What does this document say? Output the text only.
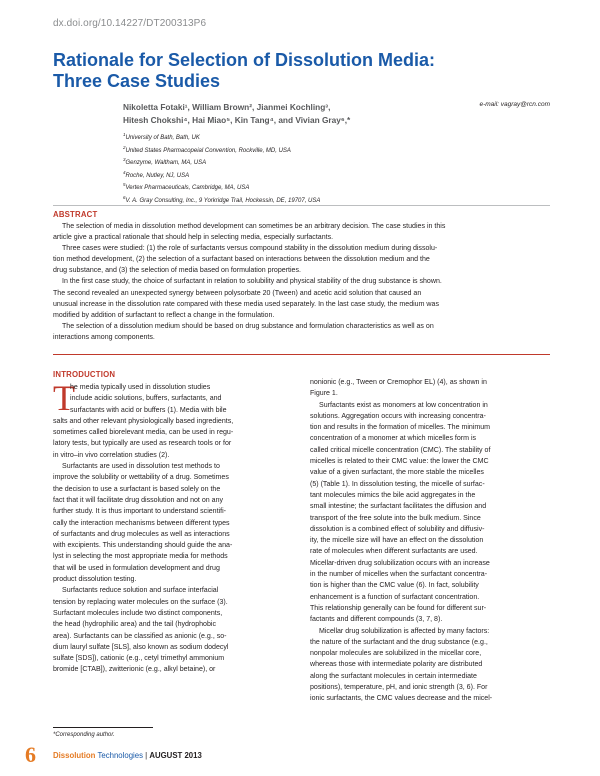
dx.doi.org/10.14227/DT200313P6
Rationale for Selection of Dissolution Media: Three Case Studies
Nikoletta Fotaki¹, William Brown², Jianmei Kochling³,
Hitesh Chokshi⁴, Hai Miao⁵, Kin Tang⁴, and Vivian Gray⁶,*
e-mail: vagray@rcn.com
$^1$University of Bath, Bath, UK
$^2$United States Pharmacopeial Convention, Rockville, MD, USA
$^3$Genzyme, Waltham, MA, USA
$^4$Roche, Nutley, NJ, USA
$^5$Vertex Pharmaceuticals, Cambridge, MA, USA
$^6$V. A. Gray Consulting, Inc., 9 Yorkridge Trail, Hockessin, DE, 19707, USA
ABSTRACT

The selection of media in dissolution method development can sometimes be an arbitrary decision. The case studies in this

article give a practical rationale that should help in selecting media, especially surfactants.

Three cases were studied: (1) the role of surfactants versus compound stability in the dissolution medium during dissolu-

tion method development, (2) the selection of a surfactant based on interactions between the dissolution medium and the

drug substance, and (3) the selection of media based on formulation properties.

In the first case study, the choice of surfactant in relation to solubility and physical stability of the drug substance is shown.

The second revealed an unexpected synergy between polysorbate 20 (Tween) and acetic acid solution that caused an

unusual increase in the dissolution rate compared with these media used separately. In the last case study, the medium was

modified by addition of surfactant to reflect a change in the formulation.

The selection of a dissolution medium should be based on drug substance and formulation characteristics as well as on

interactions among components.

INTRODUCTION
T

he media typically used in dissolution studies

include acidic solutions, buffers, surfactants, and

surfactants with acid or buffers (1). Media with bile

salts and other relevant physiologically based ingredients,

sometimes called biorelevant media, can be used in regu-

latory tests, but typically are used as research tools or for

in vitro–in vivo correlation studies (2).

Surfactants are used in dissolution test methods to

improve the solubility or wettability of a drug. Sometimes

the decision to use a surfactant is based solely on the

fact that it will facilitate drug dissolution and not on any

further study. It is thus important to understand scientifi-

cally the interaction mechanisms between different types

of surfactants and drug molecules as well as interactions

with excipients. This understanding should guide the ana-

lyst in selecting the most appropriate media for methods

that will be used in formulation development and drug

product dissolution testing.

Surfactants reduce solution and surface interfacial

tension by replacing water molecules on the surface (3).

Surfactant molecules include two distinct components,

the head (hydrophilic area) and the tail (hydrophobic

area). Surfactants can be classified as anionic (e.g., so-

dium lauryl sulfate [SLS], also known as sodium dodecyl

sulfate [SDS]), cationic (e.g., cetyl trimethyl ammonium

bromide [CTAB]), zwitterionic (e.g., alkyl betaine), or

nonionic (e.g., Tween or Cremophor EL) (4), as shown in

Figure 1.

Surfactants exist as monomers at low concentration in

solutions. Aggregation occurs with increasing concentra-

tion and results in the formation of micelles. The minimum

concentration of a monomer at which micelles form is

called critical micelle concentration (CMC). The stability of

micelles is related to their CMC value: the lower the CMC

value of a given surfactant, the more stable the micelles

(5) (Table 1). In dissolution testing, the micelle of surfac-

tant molecules mimics the bile acid aggregates in the

small intestine; the surfactant facilitates the diffusion and

transport of the free solute into the bulk medium. Since

dissolution is a combined effect of solubility and diffusiv-

ity, the micelle size will have an effect on the dissolution

rate of molecules when different surfactants are used.

Micellar-driven drug solubilization occurs with an increase

in the number of micelles when the surfactant concentra-

tion is higher than the CMC value (6). In fact, solubility

enhancement is a function of surfactant concentration.

This relationship generally can be found for different sur-

factants and different compounds (3, 7, 8).

Micellar drug solubilization is affected by many factors:

the nature of the surfactant and the drug substance (e.g.,

nonpolar molecules are solubilized in the micellar core,

whereas those with intermediate polarity are distributed

along the surfactant molecules in certain intermediate

positions), temperature, pH, and ionic strength (3, 6). For

ionic surfactants, the CMC values decrease and the micel-

*Corresponding author.
6 Dissolution Technologies | AUGUST 2013
